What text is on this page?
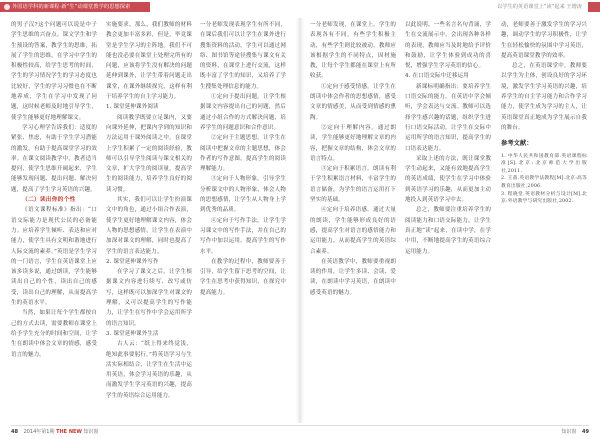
外国语学科的新课程·新“生”动课堂教学的思想探索	以学生的英语课堂上“读”起来 王增涛

的男子汉?这个问题可以说是中子学生思维的兴奋点。课文学生和学生预设的答案，教学生的思维，拓展了学生的思维，在学习中学生的积极性较高，给学生思考的时间，学生的学习情况学生的学习态度也比较好，学生的学习习惯也在不断地养成，学生在学习中发现了问题，这时候老师及时地引导学生，使学生能够更好地理解课文。

学习心理学告诉我们：适度的紧张、焦虑，有助于学生学习潜能的激发。有助于提高课堂学习的效率。在课文阅读教学中，教者适当提问，使学生思维开阔起来，学生能够发现问题、提出问题、解决问题，提高了学生学习英语的兴趣。

（二）读出你的个性

《语文课程标准》指出：“口语交际能力是现代公民的必备能力。应培养学生倾听、表达和应对能力，使学生具有文明和谐地进行人际交流的素养。”英语是学生学习的一门语言，学生在英语课堂上应该多读多说，通过朗读，学生能够读出自己的个性，读出自己的感受，读出自己的理解，从而提高学生的英语水平。

当然，如果让每个学生都按自己的方式去读，需要教师在课堂上给予学生充分的时间和空间，让学生在朗读中体会文章的情感，感受语言的魅力。

实施要求。那么，我们教师的材料教会更加丰富多彩，但是，毕竟课堂是学生学习的主阵地。我们不可能也没必要在课堂上处理完所有的问题，应该将学生没有解决的问题延伸到课外，让学生带着问题走出课堂，在课外继续探究，这样有利于培养学生的自主学习能力。

1. 课堂延伸课外阅读

阅读教学既要立足课内，又要向课外延伸，把课内学到的知识和方法运用于课外阅读之中。在课堂上学生积累了一定的阅读经验，教师可以引导学生阅读与课文相关的文章，扩大学生的阅读量，提高学生的阅读能力，培养学生良好的阅读习惯。

其实，我们可以让学生扮演课文中的角色，通过小组合作表演，使学生更好地理解课文内容，体会人物的思想感情，让学生在表演中加深对课文的理解，同时也提高了学生的语言表达能力。

2. 课堂延伸课外写作

在学习了课文之后，让学生根据课文内容进行续写、改写或仿写，这样既可以加深学生对课文的理解，又可以提高学生的写作能力，让学生在写作中学会运用所学的语言知识。

3. 课堂延伸课外生活

古人云：“纸上得来终觉浅，绝知此事要躬行。”将英语学习与生活实际相结合，让学生在生活中运用英语，体会学习英语的乐趣，从而激发学生学习英语的兴趣，提高学生的英语综合运用能力。

一分老师发现表现学生有所不同，在课后我们可以让学生在课外进行搜集资料的活动，学生可以通过网络、图书馆等途径搜集与课文有关的资料，在课堂上进行交流，这样既丰富了学生的知识，又培养了学生搜集处理信息的能力。

①定向于提出问题。让学生根据课文内容提出自己的问题，然后通过小组合作的方式解决问题，培养学生的问题意识和合作意识。

②定向于主题思想。让学生在阅读中把握文章的主题思想，体会作者的写作意图，提高学生的阅读理解能力。

③定向于人物形象。引导学生分析课文中的人物形象，体会人物的思想感情，让学生从人物身上学到优秀的品质。

④定向于写作手法。让学生学习课文中的写作手法，并在自己的写作中加以运用，提高学生的写作水平。

在教学的过程中，教师要善于引导，给学生留下思考的空间，让学生在思考中获得知识，在探究中提高能力。

一分老师发现，在课堂上，学生的表现各有不同，有些学生积极主动，有些学生则比较被动。教师应该根据学生的不同特点，因材施教，让每个学生都能在课堂上有所收获。

①定向于感受情感。让学生在朗读中体会作者的思想感情，感受文章的情感美，从而受到情感的熏陶。

②定向于理解内容。通过朗读，学生能够更好地理解文章的内容，把握文章的结构，体会文章的语言特点。

③定向于积累语言。朗读有利于学生积累语言材料，丰富学生的语言储备，为学生的语言运用打下坚实的基础。

④定向于培养语感。通过大量的朗读，学生能够形成良好的语感，提高学生对语言的感悟能力和运用能力，从而提高学生的英语综合素养。

在英语教学中，教师要重视朗读的作用，让学生多读、会读、爱读，在朗读中学习英语，在朗读中感受英语的魅力。

以此说明，一些名言名句背诵，学生在交流展示中，会出现各种各样的表现，教师应当及时地给予评价和鼓励，让学生体验到成功的喜悦，增强学生学习英语的信心。

4. 在口语交际中迁移运用

新课标明确指出：要培养学生口语交际的能力，在英语中学会倾听，学会表达与交流。教师可以选择学生感兴趣的话题，组织学生进行口语交际活动，让学生在交际中运用所学的语言知识，提高学生的口语表达能力。

采取上述的方法，既让课堂教学生动起来，又能有效地提高学生的英语成绩，使学生在学习中体验到英语学习的乐趣，从而更加主动地投入到英语学习中去。

总之，教师要注重培养学生的阅读能力和口语交际能力，让学生真正地“读”起来，在读中学，在学中用，不断地提高学生的英语综合运用能力。

动，老师要善于激发学生的学习兴趣，调动学生的学习积极性，让学生在轻松愉快的氛围中学习英语，提高英语课堂教学的效率。

总之，在英语课堂中，教师要以学生为主体，创设良好的学习环境，激发学生学习英语的兴趣，培养学生的自主学习能力和合作学习能力，使学生成为学习的主人，让英语课堂真正地成为学生展示自我的舞台。

参考文献：
1. 中华人民共和国教育部.英语课程标准[S].北京:北京师范大学出版社,2011.
2. 王蔷.英语教学法教程[M].北京:高等教育出版社,2006.
3. 程晓堂.英语教材分析与设计[M].北京:外语教学与研究出版社,2002.
48 2014年第1期 THE NEW 知识窗	知识窗 49
